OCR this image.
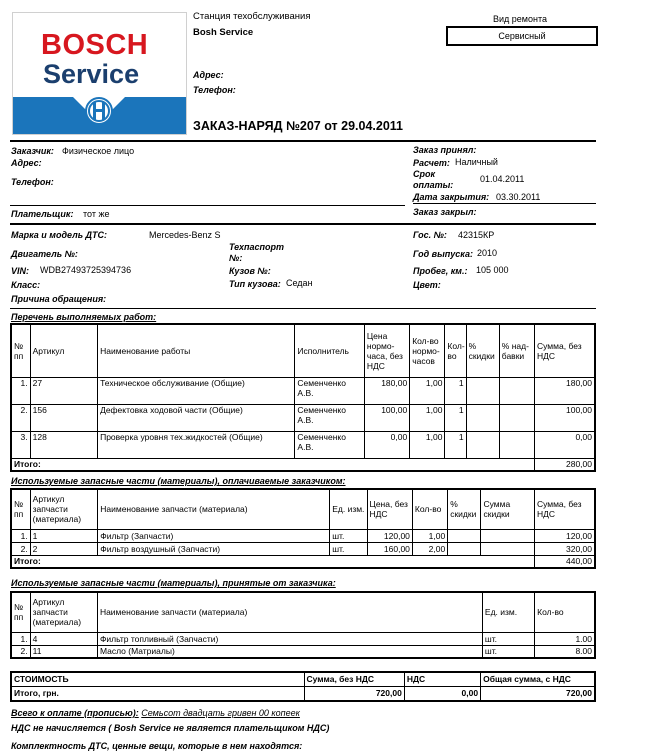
BOSCH
Service
Станция техобслуживания
Bosh Service
Адрес:
Телефон:
Вид ремонта
Сервисный
ЗАКАЗ-НАРЯД №207 от 29.04.2011
Заказчик: Физическое лицо
Адрес:
Телефон:
Заказ принял:
Расчет: Наличный
Срок
оплаты:
01.04.2011
Дата закрытия: 03.30.2011
Заказ закрыл:
Плательщик: тот же
Марка и модель ДТС:	Mercedes-Benz S	Гос. №: 42315КР
Двигатель №:
Техпаспорт
№:	Год выпуска: 2010
VIN: WDB27493725394736	Кузов №:	Пробег, км.: 105 000
Класс:	Тип кузова: Седан	Цвет:
Причина обращения:
Перечень выполняемых работ:
№ пп	Артикул	Наименование работы	Исполнитель	Цена нормо-часа, без НДС	Кол-во нормо-часов	Кол-во	% скидки	% над-бавки	Сумма, без НДС
1.	27	Техническое обслуживание (Общие)	Семенченко А.В.	180,00	1,00	1			180,00
2.	156	Дефектовка ходовой части (Общие)	Семенченко А.В.	100,00	1,00	1			100,00
3.	128	Проверка уровня тех.жидкостей (Общие)	Семенченко А.В.	0,00	1,00	1			0,00
Итого:									280,00
Используемые запасные части (материалы), оплачиваемые заказчиком:
№ пп	Артикул запчасти (материала)	Наименование запчасти (материала)	Ед. изм.	Цена, без НДС	Кол-во	% скидки	Сумма скидки	Сумма, без НДС
1.	1	Фильтр (Запчасти)	шт.	120,00	1,00			120,00
2.	2	Фильтр воздушный (Запчасти)	шт.	160,00	2,00			320,00
Итого:								440,00
Используемые запасные части (материалы), принятые от заказчика:
№ пп	Артикул запчасти (материала)	Наименование запчасти (материала)	Ед. изм.	Кол-во
1.	4	Фильтр топливный (Запчасти)	шт.	1.00
2.	11	Масло (Матриалы)	шт.	8.00
СТОИМОСТЬ	Сумма, без НДС	НДС	Общая сумма, с НДС
Итого, грн.	720,00	0,00	720,00
Всего к оплате (прописью): Семьсот двадцать гривен 00 копеек
НДС не начисляется ( Bosh Service не является плательщиком НДС)
Комплектность ДТС, ценные вещи, которые в нем находятся:
